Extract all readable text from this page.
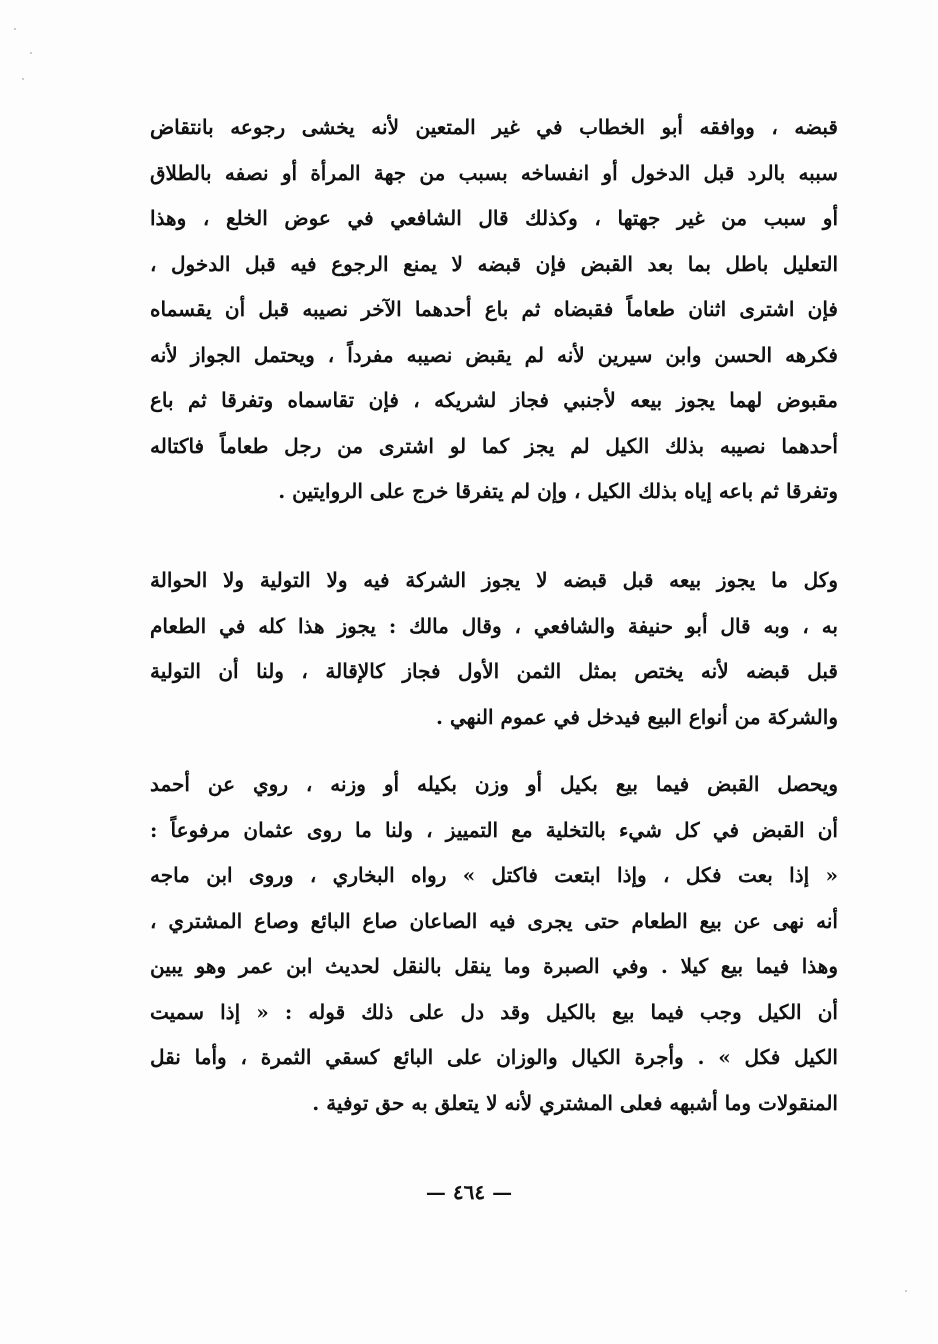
قبضه ، ووافقه أبو الخطاب في غير المتعين لأنه يخشى رجوعه بانتقاض
سببه بالرد قبل الدخول أو انفساخه بسبب من جهة المرأة أو نصفه بالطلاق
أو سبب من غير جهتها ، وكذلك قال الشافعي في عوض الخلع ، وهذا
التعليل باطل بما بعد القبض فإن قبضه لا يمنع الرجوع فيه قبل الدخول ،
فإن اشترى اثنان طعاماً فقبضاه ثم باع أحدهما الآخر نصيبه قبل أن يقسماه
فكرهه الحسن وابن سيرين لأنه لم يقبض نصيبه مفرداً ، ويحتمل الجواز لأنه
مقبوض لهما يجوز بيعه لأجنبي فجاز لشريكه ، فإن تقاسماه وتفرقا ثم باع
أحدهما نصيبه بذلك الكيل لم يجز كما لو اشترى من رجل طعاماً فاكتاله
وتفرقا ثم باعه إياه بذلك الكيل ، وإن لم يتفرقا خرج على الروايتين .
وكل ما يجوز بيعه قبل قبضه لا يجوز الشركة فيه ولا التولية ولا الحوالة
به ، وبه قال أبو حنيفة والشافعي ، وقال مالك : يجوز هذا كله في الطعام
قبل قبضه لأنه يختص بمثل الثمن الأول فجاز كالإقالة ، ولنا أن التولية
والشركة من أنواع البيع فيدخل في عموم النهي .
ويحصل القبض فيما بيع بكيل أو وزن بكيله أو وزنه ، روي عن أحمد
أن القبض في كل شيء بالتخلية مع التمييز ، ولنا ما روى عثمان مرفوعاً :
« إذا بعت فكل ، وإذا ابتعت فاكتل » رواه البخاري ، وروى ابن ماجه
أنه نهى عن بيع الطعام حتى يجرى فيه الصاعان صاع البائع وصاع المشتري ،
وهذا فيما بيع كيلا . وفي الصبرة وما ينقل بالنقل لحديث ابن عمر وهو يبين
أن الكيل وجب فيما بيع بالكيل وقد دل على ذلك قوله : « إذا سميت
الكيل فكل » . وأجرة الكيال والوزان على البائع كسقي الثمرة ، وأما نقل
المنقولات وما أشبهه فعلى المشتري لأنه لا يتعلق به حق توفية .
— ٤٦٤ —
